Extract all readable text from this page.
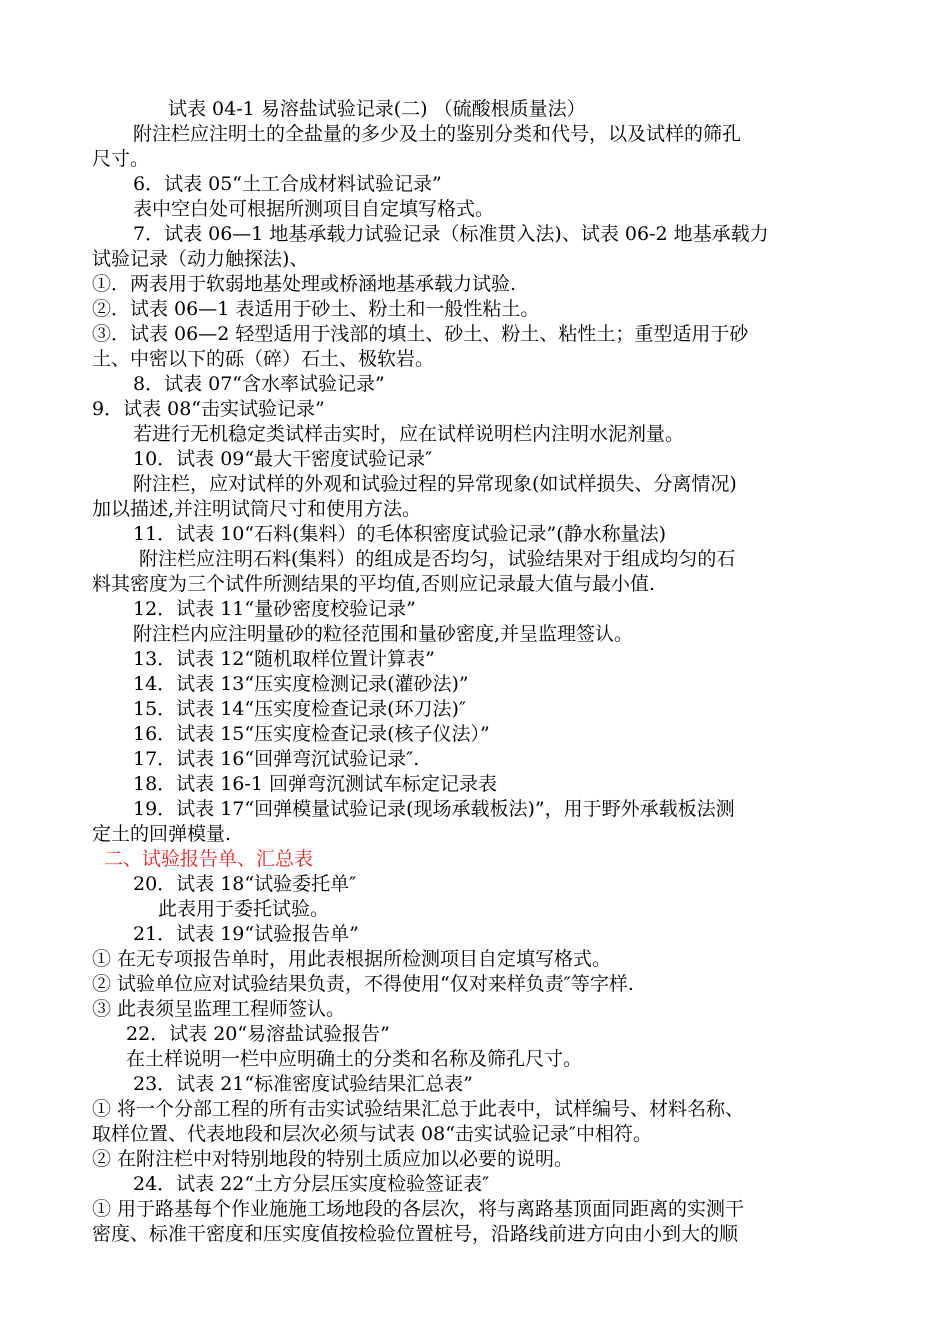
试表 04-1 易溶盐试验记录(二) （硫酸根质量法）
附注栏应注明土的全盐量的多少及土的鉴别分类和代号，以及试样的筛孔
尺寸。
6．试表 05“土工合成材料试验记录”
表中空白处可根据所测项目自定填写格式。
7．试表 06—1 地基承载力试验记录（标准贯入法)、试表 06-2 地基承载力
试验记录（动力触探法)、
①．两表用于软弱地基处理或桥涵地基承载力试验.
②．试表 06—1 表适用于砂土、粉土和一般性粘土。
③．试表 06—2 轻型适用于浅部的填土、砂土、粉土、粘性土；重型适用于砂
土、中密以下的砾（碎）石土、极软岩。
8．试表 07“含水率试验记录”
9．试表 08“击实试验记录”
若进行无机稳定类试样击实时，应在试样说明栏内注明水泥剂量。
10．试表 09“最大干密度试验记录″
附注栏，应对试样的外观和试验过程的异常现象(如试样损失、分离情况)
加以描述,并注明试筒尺寸和使用方法。
11．试表 10“石料(集料）的毛体积密度试验记录”(静水称量法)
附注栏应注明石料(集料）的组成是否均匀，试验结果对于组成均匀的石
料其密度为三个试件所测结果的平均值,否则应记录最大值与最小值.
12．试表 11“量砂密度校验记录”
附注栏内应注明量砂的粒径范围和量砂密度,并呈监理签认。
13．试表 12“随机取样位置计算表”
14．试表 13“压实度检测记录(灌砂法)”
15．试表 14“压实度检查记录(环刀法)″
16．试表 15“压实度检查记录(核子仪法）”
17．试表 16“回弹弯沉试验记录″.
18．试表 16-1 回弹弯沉测试车标定记录表
19．试表 17“回弹模量试验记录(现场承载板法)”，用于野外承载板法测
定土的回弹模量.
二、试验报告单、汇总表
20．试表 18“试验委托单″
此表用于委托试验。
21．试表 19“试验报告单”
① 在无专项报告单时，用此表根据所检测项目自定填写格式。
② 试验单位应对试验结果负责，不得使用“仅对来样负责″等字样.
③ 此表须呈监理工程师签认。
22．试表 20“易溶盐试验报告”
在土样说明一栏中应明确土的分类和名称及筛孔尺寸。
23．试表 21“标准密度试验结果汇总表”
① 将一个分部工程的所有击实试验结果汇总于此表中，试样编号、材料名称、
取样位置、代表地段和层次必须与试表 08“击实试验记录″中相符。
② 在附注栏中对特别地段的特别土质应加以必要的说明。
24．试表 22“土方分层压实度检验签证表″
① 用于路基每个作业施施工场地段的各层次，将与离路基顶面同距离的实测干
密度、标准干密度和压实度值按检验位置桩号，沿路线前进方向由小到大的顺
